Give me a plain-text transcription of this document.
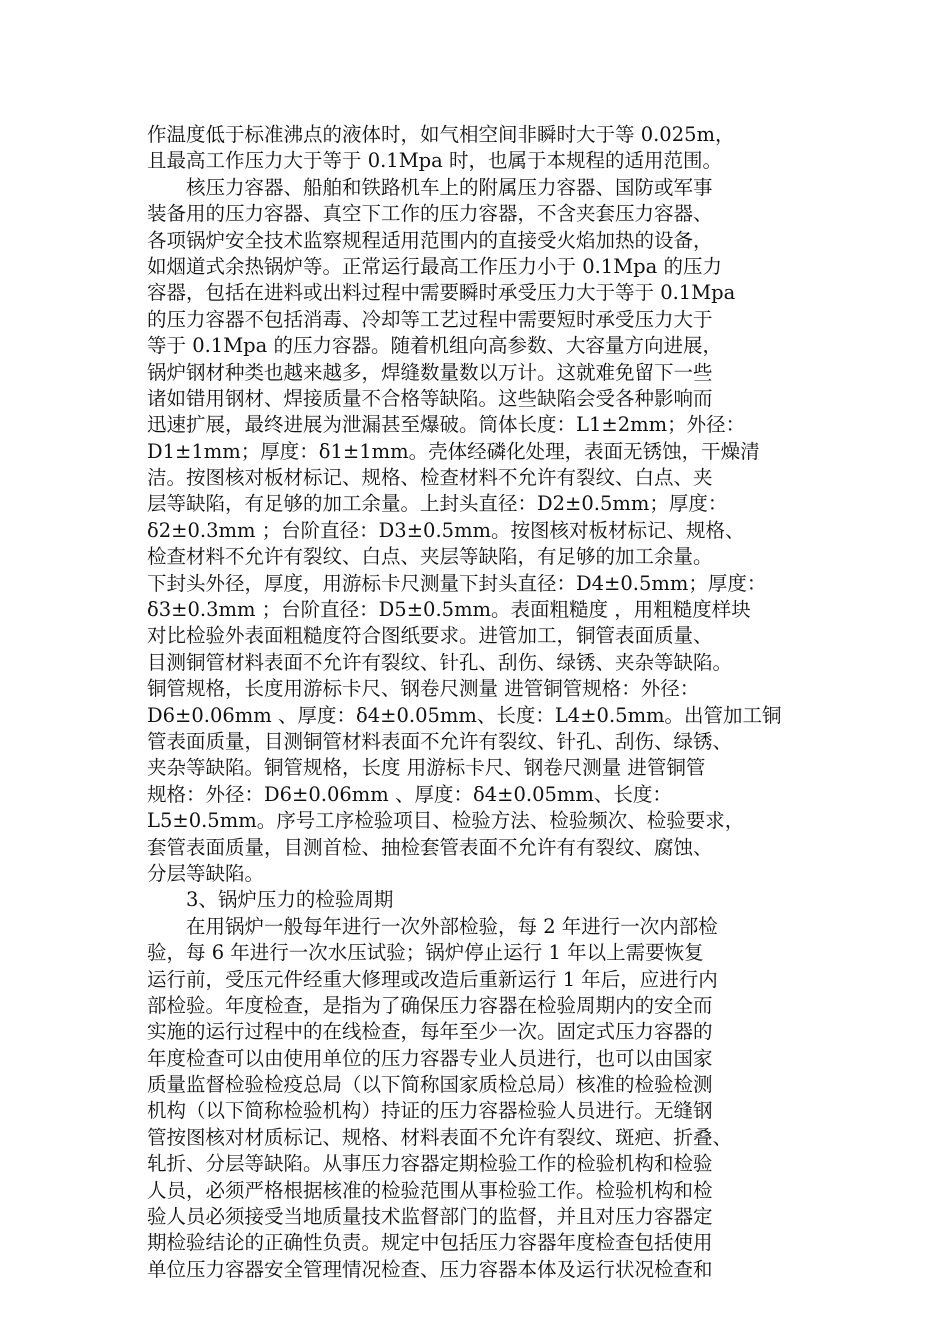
作温度低于标准沸点的液体时，如气相空间非瞬时大于等 0.025m，
且最高工作压力大于等于 0.1Mpa 时，也属于本规程的适用范围。
核压力容器、船舶和铁路机车上的附属压力容器、国防或军事
装备用的压力容器、真空下工作的压力容器，不含夹套压力容器、
各项锅炉安全技术监察规程适用范围内的直接受火焰加热的设备，
如烟道式余热锅炉等。正常运行最高工作压力小于 0.1Mpa 的压力
容器，包括在进料或出料过程中需要瞬时承受压力大于等于 0.1Mpa
的压力容器不包括消毒、冷却等工艺过程中需要短时承受压力大于
等于 0.1Mpa 的压力容器。随着机组向高参数、大容量方向进展，
锅炉钢材种类也越来越多，焊缝数量数以万计。这就难免留下一些
诸如错用钢材、焊接质量不合格等缺陷。这些缺陷会受各种影响而
迅速扩展，最终进展为泄漏甚至爆破。筒体长度：L1±2mm；外径：
D1±1mm；厚度：δ1±1mm。壳体经磷化处理，表面无锈蚀，干燥清
洁。按图核对板材标记、规格、检查材料不允许有裂纹、白点、夹
层等缺陷，有足够的加工余量。上封头直径：D2±0.5mm；厚度：
δ2±0.3mm ；台阶直径：D3±0.5mm。按图核对板材标记、规格、
检查材料不允许有裂纹、白点、夹层等缺陷，有足够的加工余量。
下封头外径，厚度，用游标卡尺测量下封头直径：D4±0.5mm；厚度：
δ3±0.3mm ；台阶直径：D5±0.5mm。表面粗糙度 ，用粗糙度样块
对比检验外表面粗糙度符合图纸要求。进管加工，铜管表面质量、
目测铜管材料表面不允许有裂纹、针孔、刮伤、绿锈、夹杂等缺陷。
铜管规格，长度用游标卡尺、钢卷尺测量 进管铜管规格：外径：
D6±0.06mm 、厚度：δ4±0.05mm、长度：L4±0.5mm。出管加工铜
管表面质量，目测铜管材料表面不允许有裂纹、针孔、刮伤、绿锈、
夹杂等缺陷。铜管规格，长度 用游标卡尺、钢卷尺测量 进管铜管
规格：外径：D6±0.06mm 、厚度：δ4±0.05mm、长度：
L5±0.5mm。序号工序检验项目、检验方法、检验频次、检验要求，
套管表面质量，目测首检、抽检套管表面不允许有有裂纹、腐蚀、
分层等缺陷。
3、锅炉压力的检验周期
在用锅炉一般每年进行一次外部检验，每 2 年进行一次内部检
验，每 6 年进行一次水压试验；锅炉停止运行 1 年以上需要恢复
运行前，受压元件经重大修理或改造后重新运行 1 年后，应进行内
部检验。年度检查，是指为了确保压力容器在检验周期内的安全而
实施的运行过程中的在线检查，每年至少一次。固定式压力容器的
年度检查可以由使用单位的压力容器专业人员进行，也可以由国家
质量监督检验检疫总局（以下简称国家质检总局）核准的检验检测
机构（以下简称检验机构）持证的压力容器检验人员进行。无缝钢
管按图核对材质标记、规格、材料表面不允许有裂纹、斑疤、折叠、
轧折、分层等缺陷。从事压力容器定期检验工作的检验机构和检验
人员，必须严格根据核准的检验范围从事检验工作。检验机构和检
验人员必须接受当地质量技术监督部门的监督，并且对压力容器定
期检验结论的正确性负责。规定中包括压力容器年度检查包括使用
单位压力容器安全管理情况检查、压力容器本体及运行状况检查和
